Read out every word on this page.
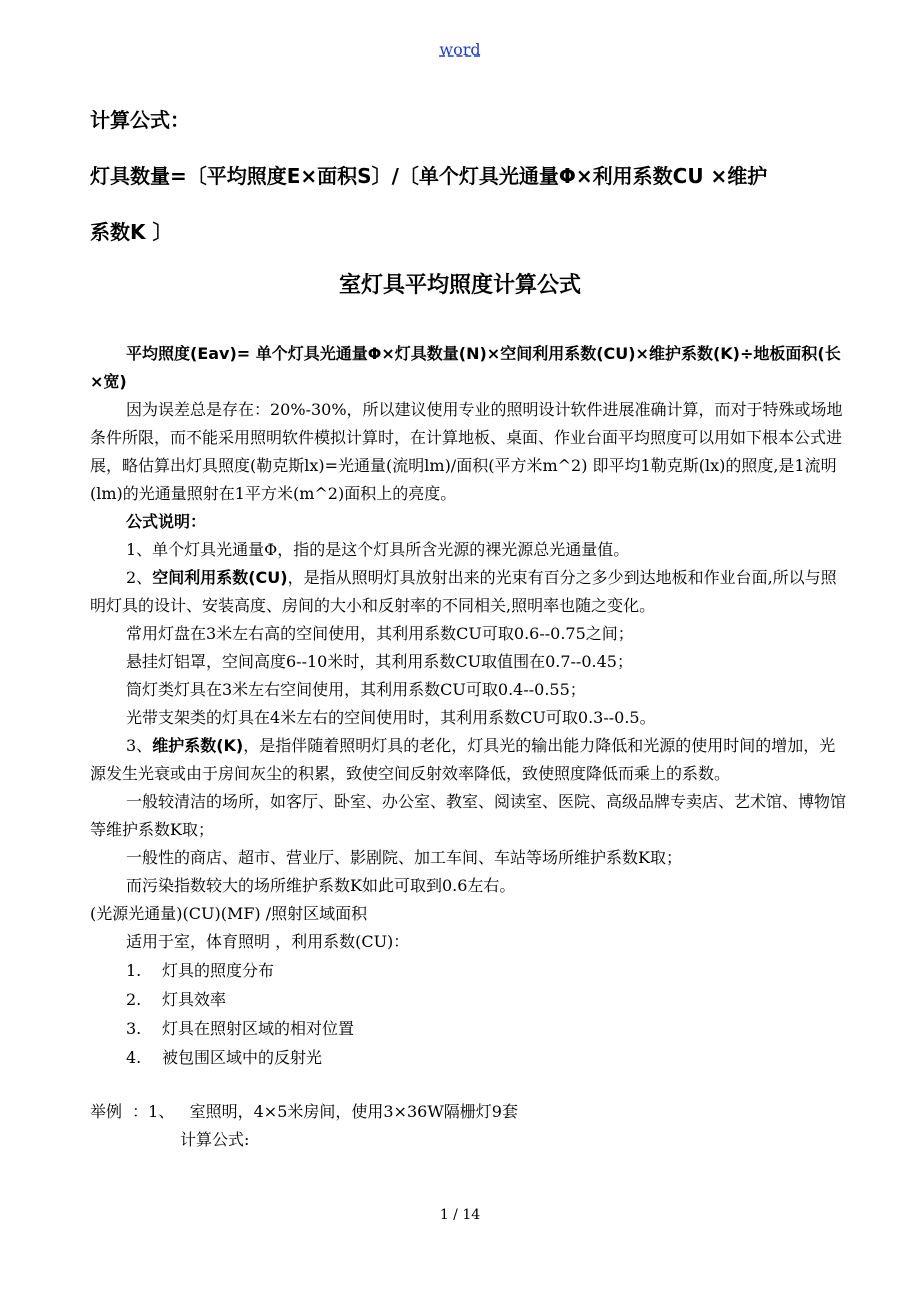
word
计算公式：
灯具数量=〔平均照度E×面积S〕/〔单个灯具光通量Φ×利用系数CU ×维护
系数K 〕
室灯具平均照度计算公式

平均照度(Eav)= 单个灯具光通量Φ×灯具数量(N)×空间利用系数(CU)×维护系数(K)÷地板面积(长×宽)

因为误差总是存在：20%-30%，所以建议使用专业的照明设计软件进展准确计算，而对于特殊或场地条件所限，而不能采用照明软件模拟计算时，在计算地板、桌面、作业台面平均照度可以用如下根本公式进展，略估算出灯具照度(勒克斯lx)=光通量(流明lm)/面积(平方米m^2) 即平均1勒克斯(lx)的照度,是1流明(lm)的光通量照射在1平方米(m^2)面积上的亮度。

公式说明：

1、单个灯具光通量Φ，指的是这个灯具所含光源的裸光源总光通量值。

2、空间利用系数(CU)，是指从照明灯具放射出来的光束有百分之多少到达地板和作业台面,所以与照明灯具的设计、安装高度、房间的大小和反射率的不同相关,照明率也随之变化。

常用灯盘在3米左右高的空间使用，其利用系数CU可取0.6--0.75之间；

悬挂灯铝罩，空间高度6--10米时，其利用系数CU取值围在0.7--0.45；

筒灯类灯具在3米左右空间使用，其利用系数CU可取0.4--0.55；

光带支架类的灯具在4米左右的空间使用时，其利用系数CU可取0.3--0.5。

3、维护系数(K)，是指伴随着照明灯具的老化，灯具光的输出能力降低和光源的使用时间的增加，光源发生光衰或由于房间灰尘的积累，致使空间反射效率降低，致使照度降低而乘上的系数。

一般较清洁的场所，如客厅、卧室、办公室、教室、阅读室、医院、高级品牌专卖店、艺术馆、博物馆等维护系数K取；

一般性的商店、超市、营业厅、影剧院、加工车间、车站等场所维护系数K取；

而污染指数较大的场所维护系数K如此可取到0.6左右。

(光源光通量)(CU)(MF) /照射区域面积

适用于室，体育照明 ，利用系数(CU)：

1. 灯具的照度分布

2. 灯具效率

3. 灯具在照射区域的相对位置

4. 被包围区域中的反射光

举例  ：1、   室照明，4×5米房间，使用3×36W隔栅灯9套

计算公式:

1 / 14
